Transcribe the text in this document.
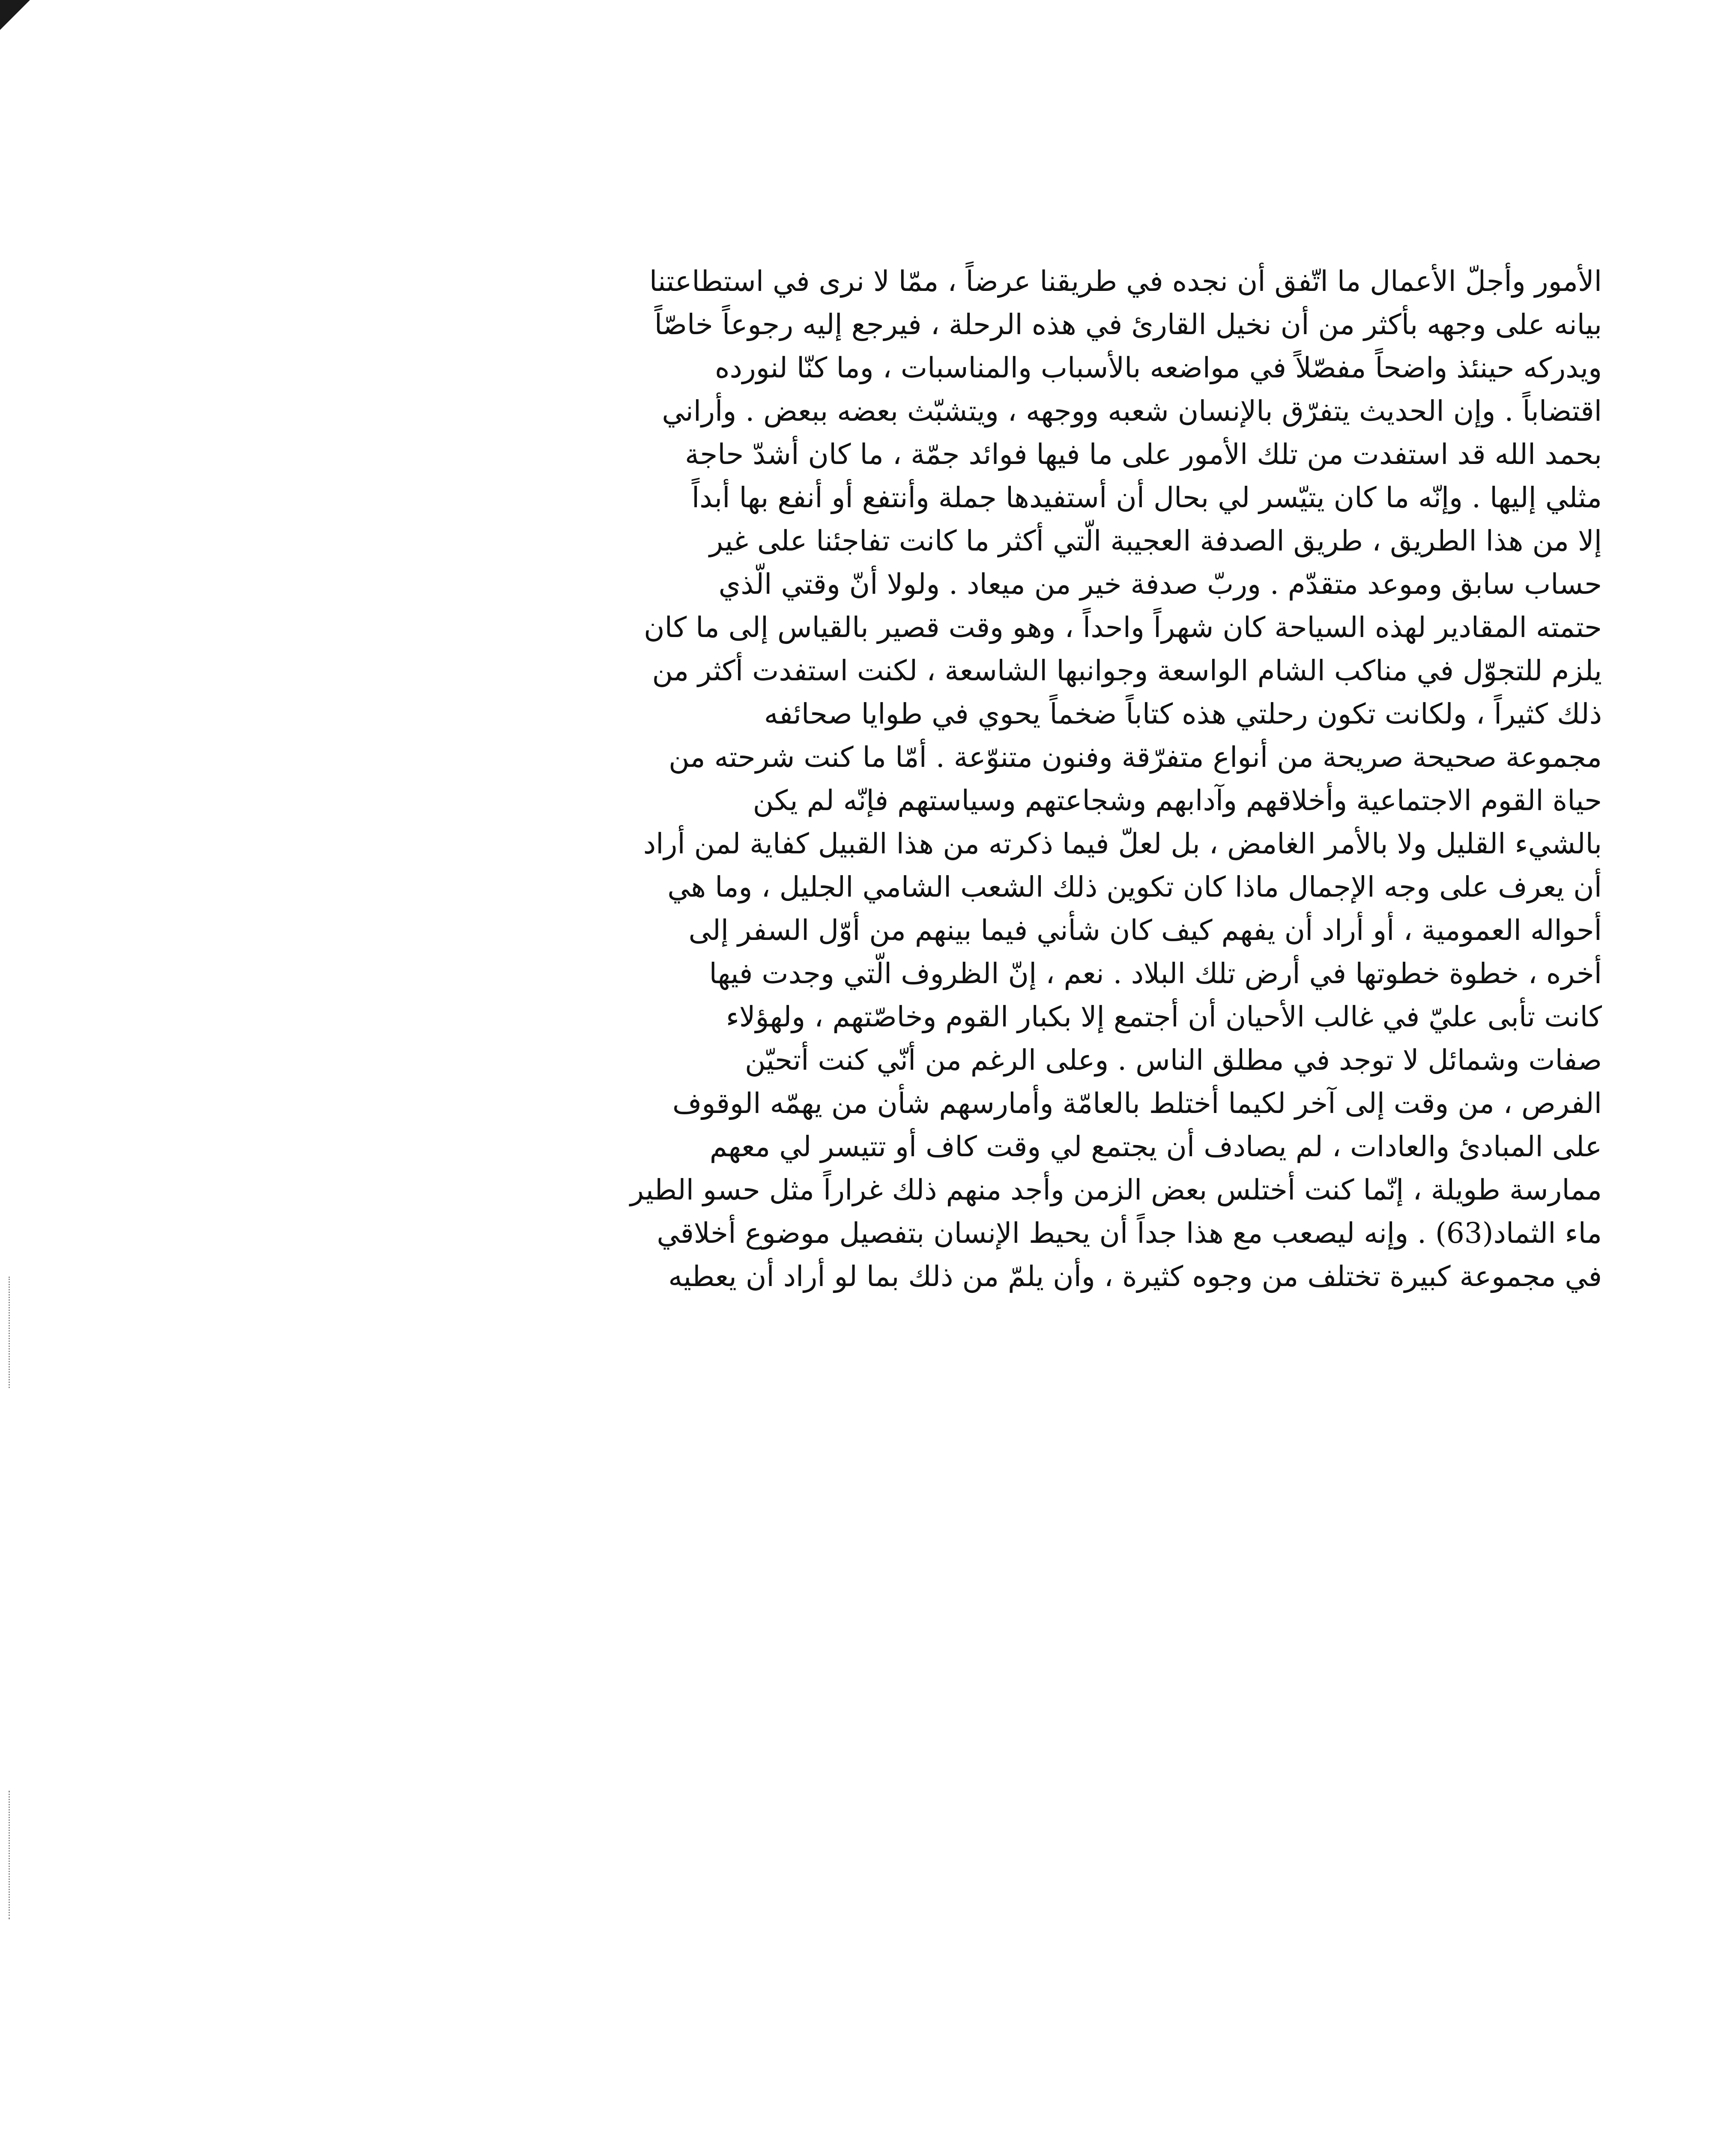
الأمور وأجلّ الأعمال ما اتّفق أن نجده في طريقنا عرضاً ، ممّا لا نرى في استطاعتنا
بيانه على وجهه بأكثر من أن نخيل القارئ في هذه الرحلة ، فيرجع إليه رجوعاً خاصّاً
ويدركه حينئذ واضحاً مفصّلاً في مواضعه بالأسباب والمناسبات ، وما كنّا لنورده
اقتضاباً . وإن الحديث يتفرّق بالإنسان شعبه ووجهه ، ويتشبّث بعضه ببعض . وأراني
بحمد الله قد استفدت من تلك الأمور على ما فيها فوائد جمّة ، ما كان أشدّ حاجة
مثلي إليها . وإنّه ما كان يتيّسر لي بحال أن أستفيدها جملة وأنتفع أو أنفع بها أبداً
إلا من هذا الطريق ، طريق الصدفة العجيبة الّتي أكثر ما كانت تفاجئنا على غير
حساب سابق وموعد متقدّم . وربّ صدفة خير من ميعاد . ولولا أنّ وقتي الّذي
حتمته المقادير لهذه السياحة كان شهراً واحداً ، وهو وقت قصير بالقياس إلى ما كان
يلزم للتجوّل في مناكب الشام الواسعة وجوانبها الشاسعة ، لكنت استفدت أكثر من
ذلك كثيراً ، ولكانت تكون رحلتي هذه كتاباً ضخماً يحوي في طوايا صحائفه
مجموعة صحيحة صريحة من أنواع متفرّقة وفنون متنوّعة . أمّا ما كنت شرحته من
حياة القوم الاجتماعية وأخلاقهم وآدابهم وشجاعتهم وسياستهم فإنّه لم يكن
بالشيء القليل ولا بالأمر الغامض ، بل لعلّ فيما ذكرته من هذا القبيل كفاية لمن أراد
أن يعرف على وجه الإجمال ماذا كان تكوين ذلك الشعب الشامي الجليل ، وما هي
أحواله العمومية ، أو أراد أن يفهم كيف كان شأني فيما بينهم من أوّل السفر إلى
أخره ، خطوة خطوتها في أرض تلك البلاد . نعم ، إنّ الظروف الّتي وجدت فيها
كانت تأبى عليّ في غالب الأحيان أن أجتمع إلا بكبار القوم وخاصّتهم ، ولهؤلاء
صفات وشمائل لا توجد في مطلق الناس . وعلى الرغم من أنّي كنت أتحيّن
الفرص ، من وقت إلى آخر لكيما أختلط بالعامّة وأمارسهم شأن من يهمّه الوقوف
على المبادئ والعادات ، لم يصادف أن يجتمع لي وقت كاف أو تتيسر لي معهم
ممارسة طويلة ، إنّما كنت أختلس بعض الزمن وأجد منهم ذلك غراراً مثل حسو الطير
ماء الثماد(63) . وإنه ليصعب مع هذا جداً أن يحيط الإنسان بتفصيل موضوع أخلاقي
في مجموعة كبيرة تختلف من وجوه كثيرة ، وأن يلمّ من ذلك بما لو أراد أن يعطيه
